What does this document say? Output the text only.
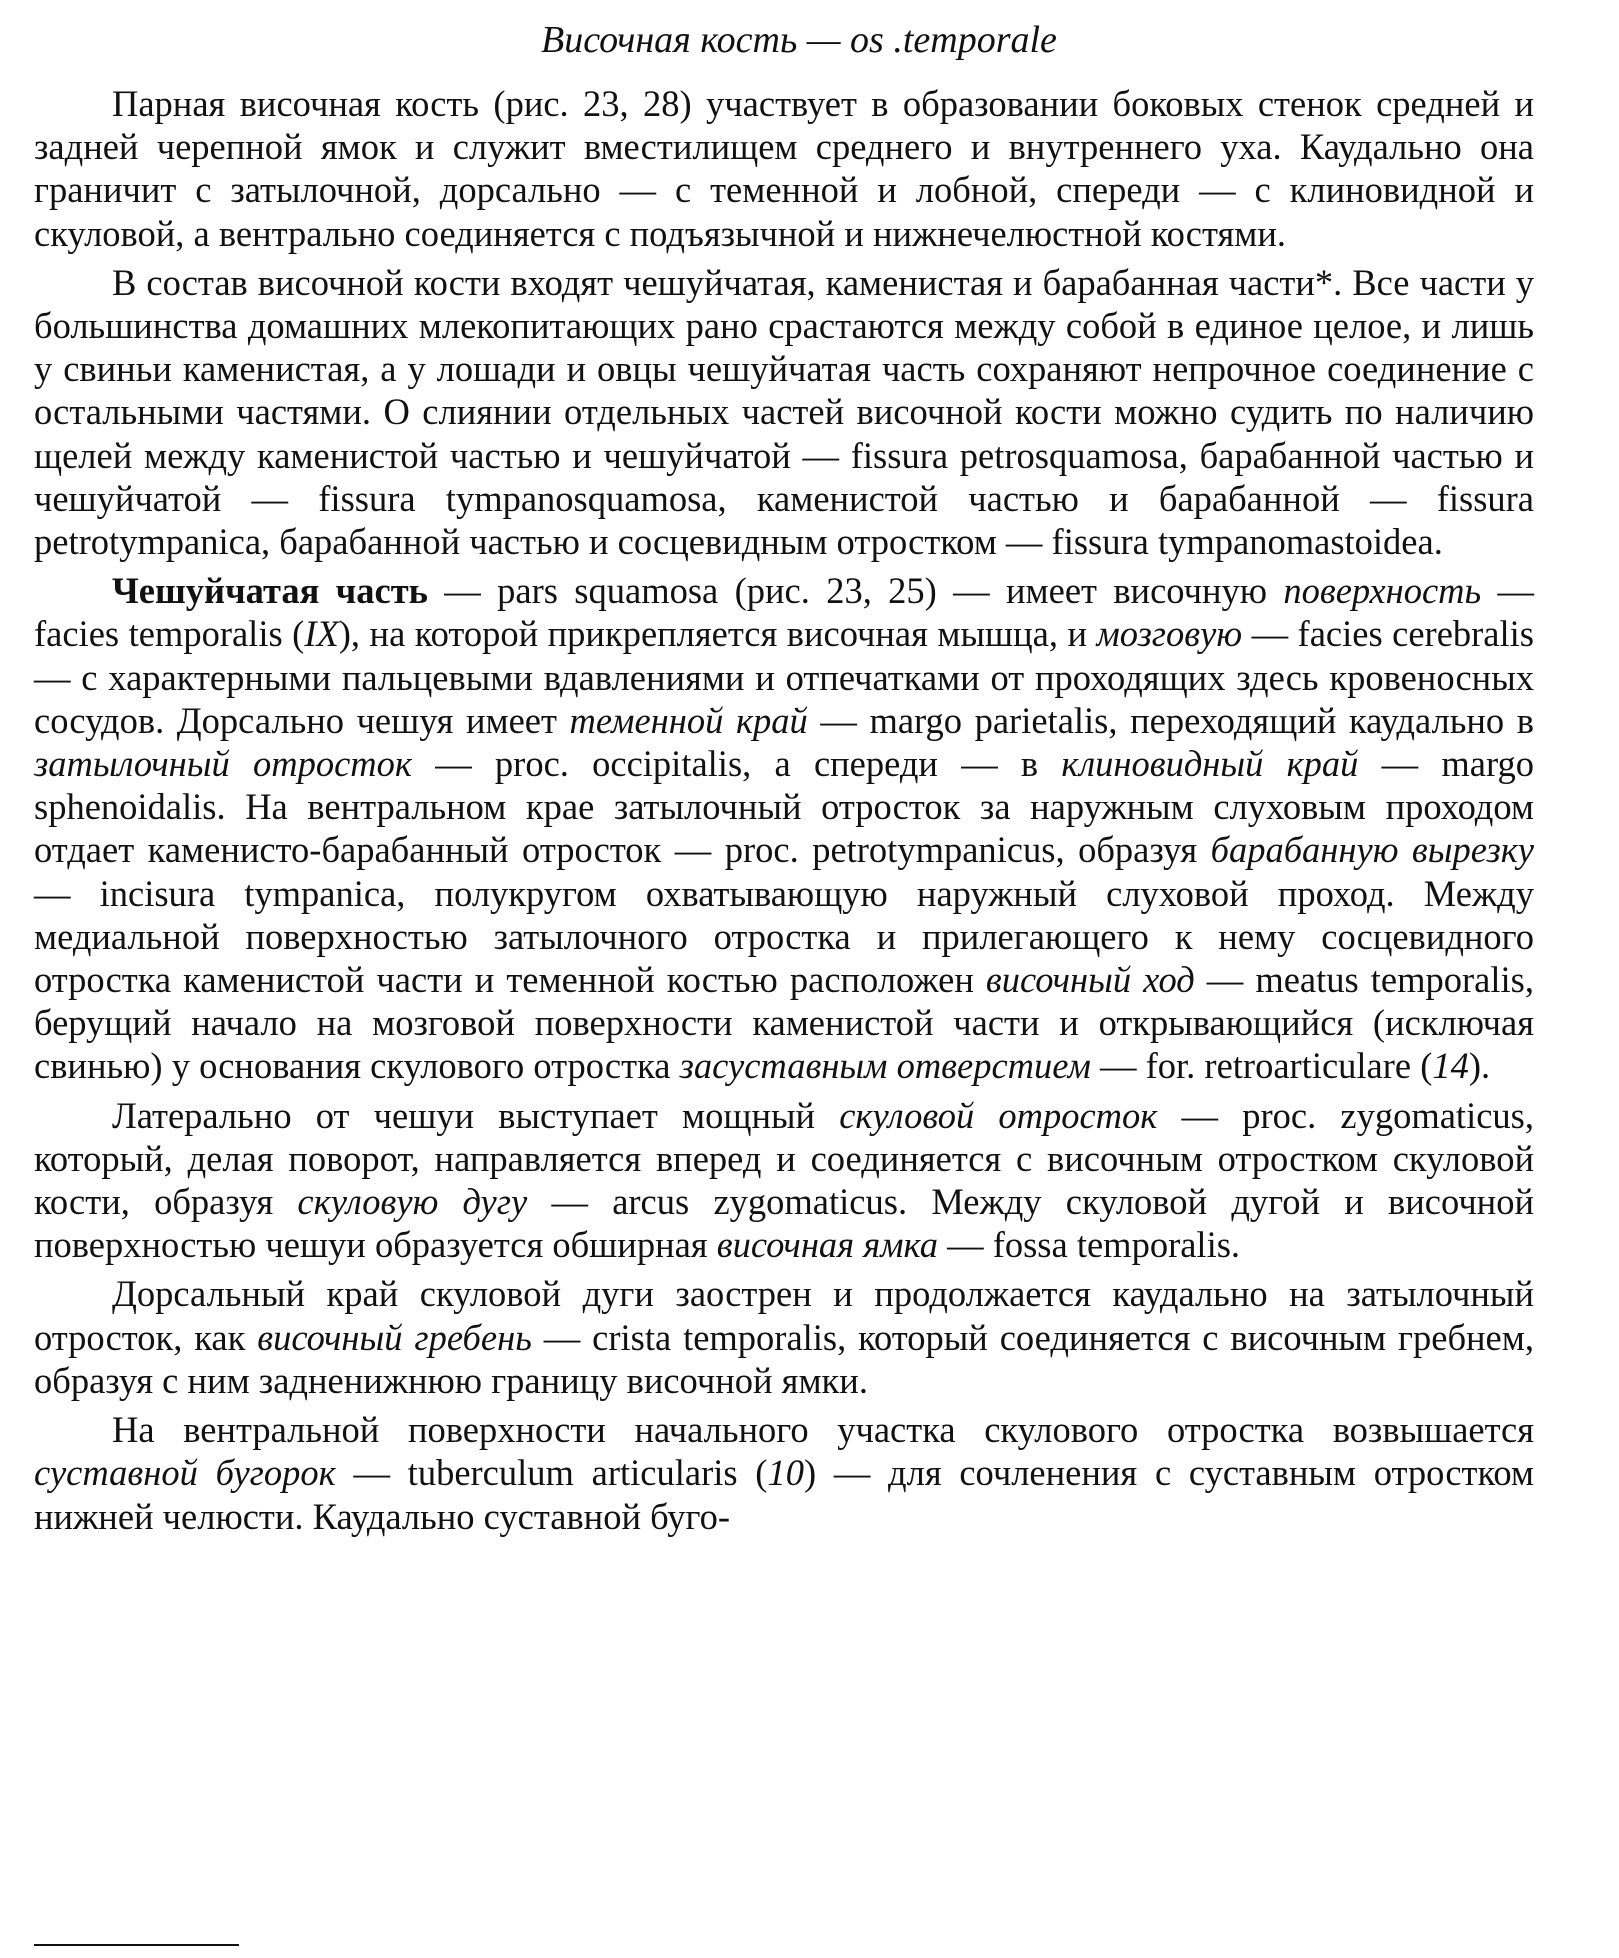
Височная кость — os .temporale

Парная височная кость (рис. 23, 28) участвует в образовании боковых стенок средней и задней черепной ямок и служит вместилищем среднего и внутреннего уха. Каудально она граничит с затылочной, дорсально — с теменной и лобной, спереди — с клиновидной и скуловой, а вентрально соединяется с подъязычной и нижнечелюстной костями.

В состав височной кости входят чешуйчатая, каменистая и барабанная части*. Все части у большинства домашних млекопитающих рано срастаются между собой в единое целое, и лишь у свиньи каменистая, а у лошади и овцы чешуйчатая часть сохраняют непрочное соединение с остальными частями. О слиянии отдельных частей височной кости можно судить по наличию щелей между каменистой частью и чешуйчатой — fissura petrosquamosa, барабанной частью и чешуйчатой — fissura tympanosquamosa, каменистой частью и барабанной — fissura petrotympanica, барабанной частью и сосцевидным отростком — fissura tympanomastoidea.

Чешуйчатая часть — pars squamosa (рис. 23, 25) — имеет височную поверхность — facies temporalis (IX), на которой прикрепляется височная мышца, и мозговую — facies cerebralis — с характерными пальцевыми вдавлениями и отпечатками от проходящих здесь кровеносных сосудов. Дорсально чешуя имеет теменной край — margo parietalis, переходящий каудально в затылочный отросток — proc. occipitalis, а спереди — в клиновидный край — margo sphenoidalis. На вентральном крае затылочный отросток за наружным слуховым проходом отдает каменисто-барабанный отросток — proc. petrotympanicus, образуя барабанную вырезку — incisura tympanica, полукругом охватывающую наружный слуховой проход. Между медиальной поверхностью затылочного отростка и прилегающего к нему сосцевидного отростка каменистой части и теменной костью расположен височный ход — meatus temporalis, берущий начало на мозговой поверхности каменистой части и открывающийся (исключая свинью) у основания скулового отростка засуставным отверстием — for. retroarticulare (14).

Латерально от чешуи выступает мощный скуловой отросток — proc. zygomaticus, который, делая поворот, направляется вперед и соединяется с височным отростком скуловой кости, образуя скуловую дугу — arcus zygomaticus. Между скуловой дугой и височной поверхностью чешуи образуется обширная височная ямка — fossa temporalis.

Дорсальный край скуловой дуги заострен и продолжается каудально на затылочный отросток, как височный гребень — crista temporalis, который соединяется с височным гребнем, образуя с ним задненижнюю границу височной ямки.

На вентральной поверхности начального участка скулового отростка возвышается суставной бугорок — tuberculum articularis (10) — для сочленения с суставным отростком нижней челюсти. Каудально суставной буго-
